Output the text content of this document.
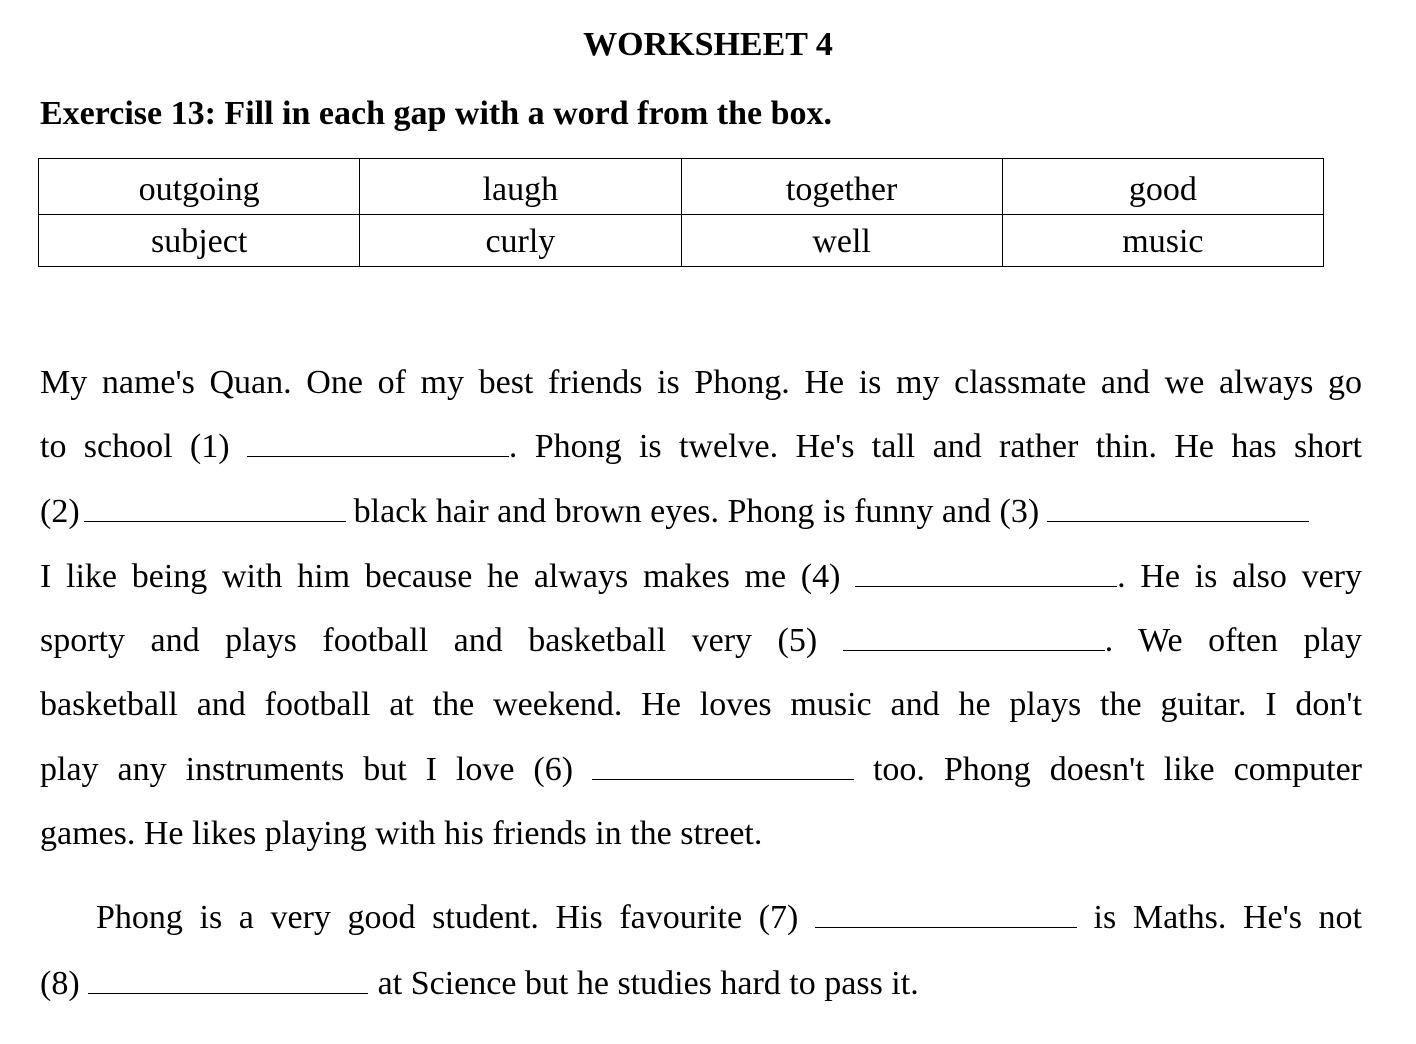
WORKSHEET 4
Exercise 13: Fill in each gap with a word from the box.
outgoing	laugh	together	good
subject	curly	well	music
My name's Quan. One of my best friends is Phong. He is my classmate and we always go
to school (1)	. Phong is twelve. He's tall and rather thin. He has short
(2)	black hair and brown eyes. Phong is funny and (3)
I like being with him because he always makes me (4)	. He is also very
sporty and plays football and basketball very (5)	. We often play
basketball and football at the weekend. He loves music and he plays the guitar. I don't
play any instruments but I love (6)	too. Phong doesn't like computer
games. He likes playing with his friends in the street.
Phong is a very good student. His favourite (7)	is Maths. He's not
(8)	at Science but he studies hard to pass it.
